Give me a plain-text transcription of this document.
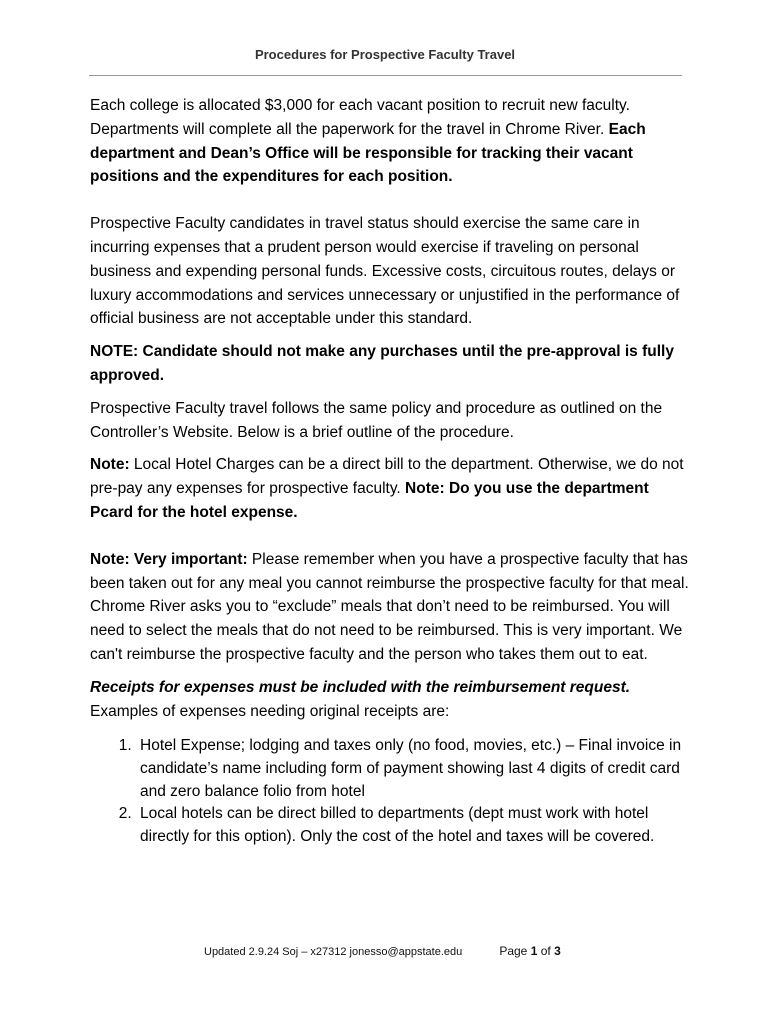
Procedures for Prospective Faculty Travel

Each college is allocated $3,000 for each vacant position to recruit new faculty. Departments will complete all the paperwork for the travel in Chrome River. Each department and Dean’s Office will be responsible for tracking their vacant positions and the expenditures for each position.

Prospective Faculty candidates in travel status should exercise the same care in incurring expenses that a prudent person would exercise if traveling on personal business and expending personal funds. Excessive costs, circuitous routes, delays or luxury accommodations and services unnecessary or unjustified in the performance of official business are not acceptable under this standard.

NOTE: Candidate should not make any purchases until the pre-approval is fully approved.

Prospective Faculty travel follows the same policy and procedure as outlined on the Controller’s Website. Below is a brief outline of the procedure.

Note: Local Hotel Charges can be a direct bill to the department. Otherwise, we do not pre-pay any expenses for prospective faculty. Note: Do you use the department Pcard for the hotel expense.

Note: Very important: Please remember when you have a prospective faculty that has been taken out for any meal you cannot reimburse the prospective faculty for that meal. Chrome River asks you to “exclude” meals that don’t need to be reimbursed. You will need to select the meals that do not need to be reimbursed. This is very important. We can't reimburse the prospective faculty and the person who takes them out to eat.

Receipts for expenses must be included with the reimbursement request.
Examples of expenses needing original receipts are:

1. Hotel Expense; lodging and taxes only (no food, movies, etc.) – Final invoice in candidate’s name including form of payment showing last 4 digits of credit card and zero balance folio from hotel
2. Local hotels can be direct billed to departments (dept must work with hotel directly for this option). Only the cost of the hotel and taxes will be covered.
Updated 2.9.24 Soj – x27312 jonesso@appstate.edu	Page 1 of 3
